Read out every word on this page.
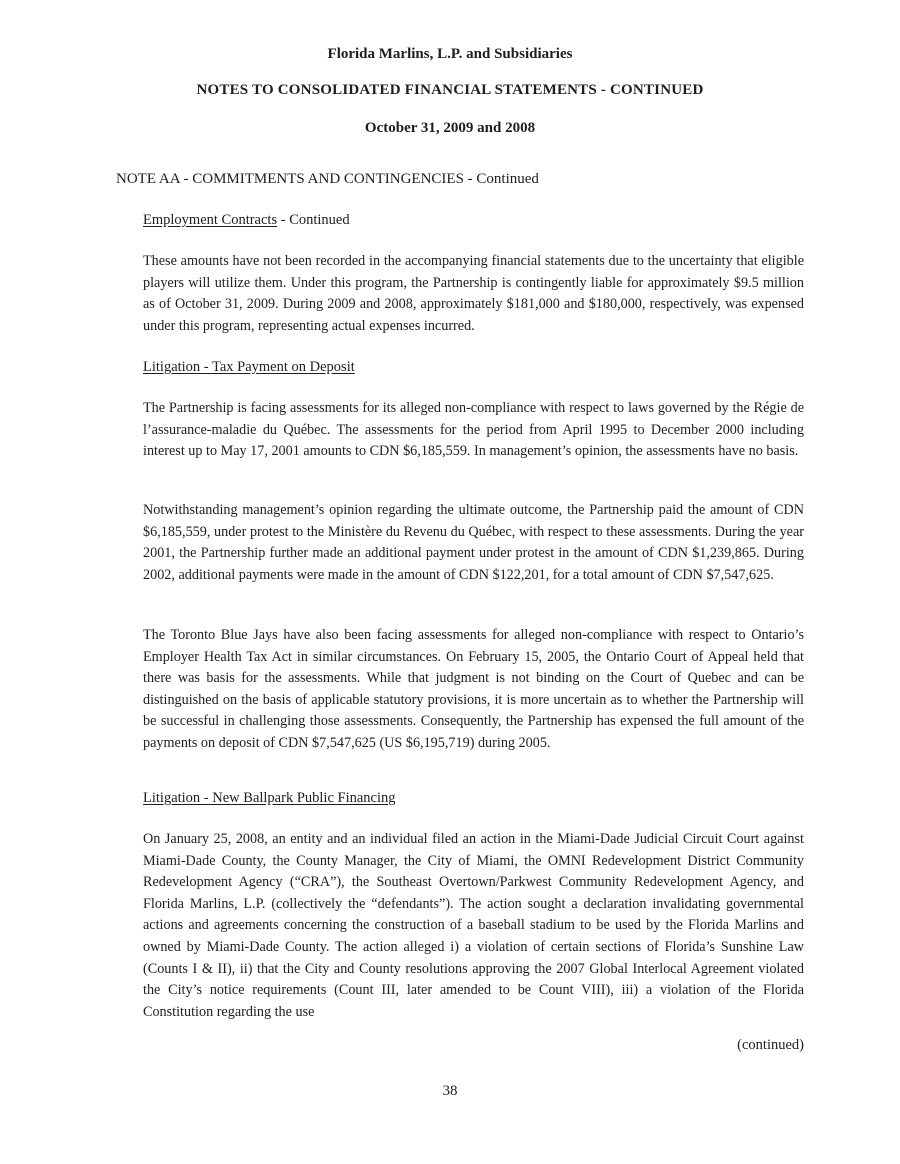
Florida Marlins, L.P. and Subsidiaries
NOTES TO CONSOLIDATED FINANCIAL STATEMENTS - CONTINUED
October 31, 2009 and 2008
NOTE AA - COMMITMENTS AND CONTINGENCIES - Continued
Employment Contracts - Continued

These amounts have not been recorded in the accompanying financial statements due to the uncertainty that eligible players will utilize them. Under this program, the Partnership is contingently liable for approximately $9.5 million as of October 31, 2009. During 2009 and 2008, approximately $181,000 and $180,000, respectively, was expensed under this program, representing actual expenses incurred.

Litigation - Tax Payment on Deposit

The Partnership is facing assessments for its alleged non-compliance with respect to laws governed by the Régie de l’assurance-maladie du Québec. The assessments for the period from April 1995 to December 2000 including interest up to May 17, 2001 amounts to CDN $6,185,559. In management’s opinion, the assessments have no basis.

Notwithstanding management’s opinion regarding the ultimate outcome, the Partnership paid the amount of CDN $6,185,559, under protest to the Ministère du Revenu du Québec, with respect to these assessments. During the year 2001, the Partnership further made an additional payment under protest in the amount of CDN $1,239,865. During 2002, additional payments were made in the amount of CDN $122,201, for a total amount of CDN $7,547,625.

The Toronto Blue Jays have also been facing assessments for alleged non-compliance with respect to Ontario’s Employer Health Tax Act in similar circumstances. On February 15, 2005, the Ontario Court of Appeal held that there was basis for the assessments. While that judgment is not binding on the Court of Quebec and can be distinguished on the basis of applicable statutory provisions, it is more uncertain as to whether the Partnership will be successful in challenging those assessments. Consequently, the Partnership has expensed the full amount of the payments on deposit of CDN $7,547,625 (US $6,195,719) during 2005.

Litigation - New Ballpark Public Financing

On January 25, 2008, an entity and an individual filed an action in the Miami-Dade Judicial Circuit Court against Miami-Dade County, the County Manager, the City of Miami, the OMNI Redevelopment District Community Redevelopment Agency (“CRA”), the Southeast Overtown/Parkwest Community Redevelopment Agency, and Florida Marlins, L.P. (collectively the “defendants”). The action sought a declaration invalidating governmental actions and agreements concerning the construction of a baseball stadium to be used by the Florida Marlins and owned by Miami-Dade County. The action alleged i) a violation of certain sections of Florida’s Sunshine Law (Counts I & II), ii) that the City and County resolutions approving the 2007 Global Interlocal Agreement violated the City’s notice requirements (Count III, later amended to be Count VIII), iii) a violation of the Florida Constitution regarding the use

(continued)
38
